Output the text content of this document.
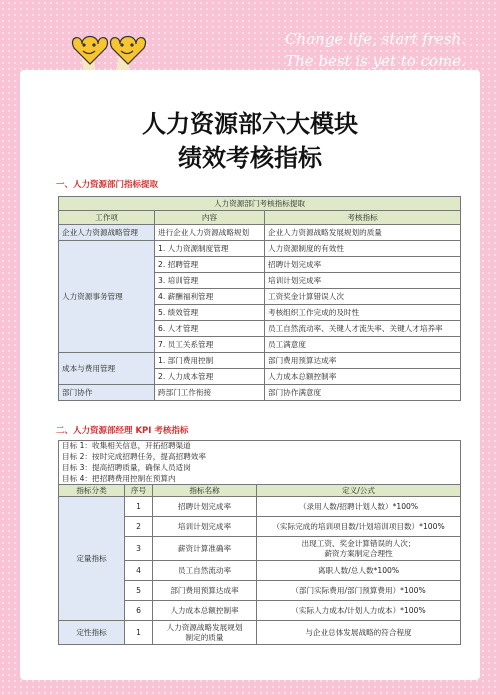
Change life, start fresh.
The best is yet to come.
人力资源部六大模块
绩效考核指标
一、人力资源部门指标提取
人力资源部门考核指标提取		
工作项	内容	考核指标
企业人力资源战略管理	进行企业人力资源战略规划	企业人力资源战略发展规划的质量
人力资源事务管理	1. 人力资源制度管理	人力资源制度的有效性
	2. 招聘管理	招聘计划完成率
	3. 培训管理	培训计划完成率
	4. 薪酬福利管理	工资奖金计算错误人次
	5. 绩效管理	考核组织工作完成的及时性
	6. 人才管理	员工自然流动率、关键人才流失率、关键人才培养率
	7. 员工关系管理	员工满意度
成本与费用管理	1. 部门费用控制	部门费用预算达成率
	2. 人力成本管理	人力成本总额控制率
部门协作	跨部门工作衔接	部门协作满意度
二、人力资源部经理 KPI 考核指标
目标 1：收集相关信息，开拓招聘渠道			
目标 2：按时完成招聘任务，提高招聘效率			
目标 3：提高招聘质量，确保人员适岗			
目标 4：把招聘费用控制在预算内			
指标分类	序号	指标名称	定义/公式
定量指标	1	招聘计划完成率	（录用人数/招聘计划人数）*100%
	2	培训计划完成率	（实际完成的培训项目数/计划培训项目数）*100%
	3	薪资计算准确率	出现工资、奖金计算错误的人次；
薪资方案制定合理性
	4	员工自然流动率	离职人数/总人数*100%
	5	部门费用预算达成率	（部门实际费用/部门预算费用）*100%
	6	人力成本总额控制率	（实际人力成本/计划人力成本）*100%
定性指标	1	人力资源战略发展规划
制定的质量	与企业总体发展战略的符合程度
